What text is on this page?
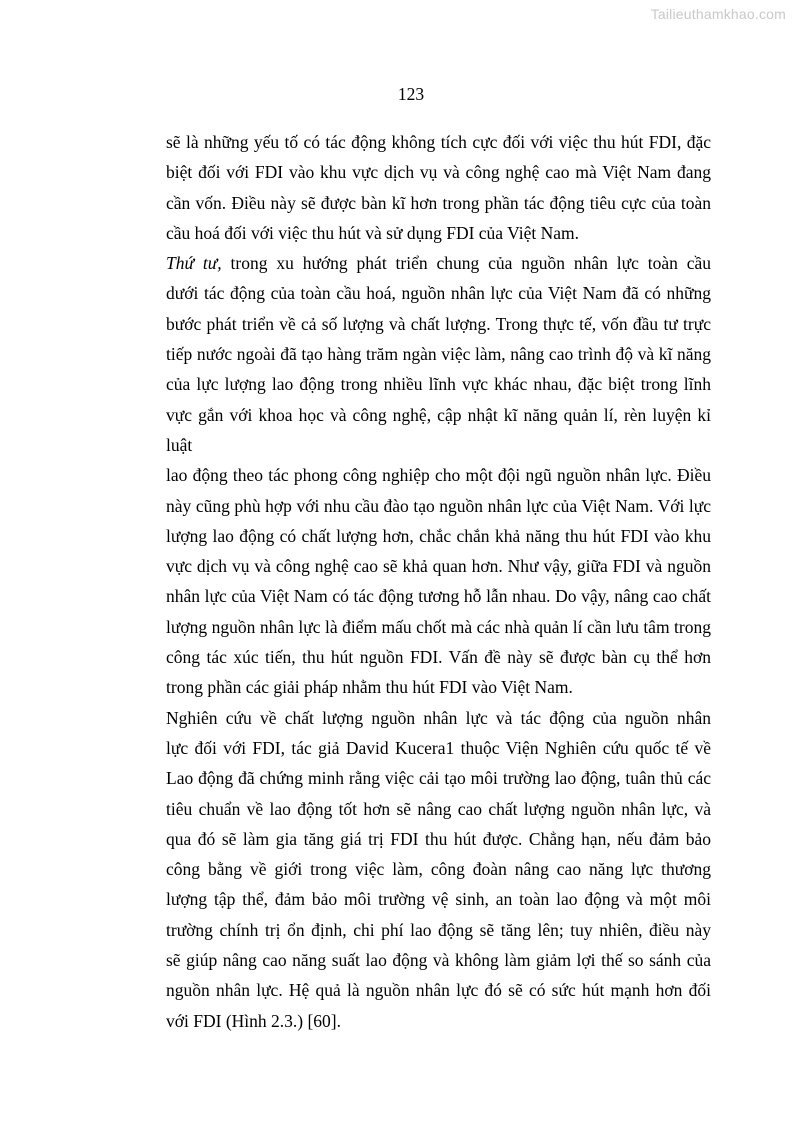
Tailieuthamkhao.com
123
sẽ là những yếu tố có tác động không tích cực đối với việc thu hút FDI, đặc
biệt đối với FDI vào khu vực dịch vụ và công nghệ cao mà Việt Nam đang
cần vốn. Điều này sẽ được bàn kĩ hơn trong phần tác động tiêu cực của toàn
cầu hoá đối với việc thu hút và sử dụng FDI của Việt Nam.
Thứ tư, trong xu hướng phát triển chung của nguồn nhân lực toàn cầu
dưới tác động của toàn cầu hoá, nguồn nhân lực của Việt Nam đã có những
bước phát triển về cả số lượng và chất lượng. Trong thực tế, vốn đầu tư trực
tiếp nước ngoài đã tạo hàng trăm ngàn việc làm, nâng cao trình độ và kĩ năng
của lực lượng lao động trong nhiều lĩnh vực khác nhau, đặc biệt trong lĩnh
vực gắn với khoa học và công nghệ, cập nhật kĩ năng quản lí, rèn luyện kỉ luật
lao động theo tác phong công nghiệp cho một đội ngũ nguồn nhân lực. Điều
này cũng phù hợp với nhu cầu đào tạo nguồn nhân lực của Việt Nam. Với lực
lượng lao động có chất lượng hơn, chắc chắn khả năng thu hút FDI vào khu
vực dịch vụ và công nghệ cao sẽ khả quan hơn. Như vậy, giữa FDI và nguồn
nhân lực của Việt Nam có tác động tương hỗ lẫn nhau. Do vậy, nâng cao chất
lượng nguồn nhân lực là điểm mấu chốt mà các nhà quản lí cần lưu tâm trong
công tác xúc tiến, thu hút nguồn FDI. Vấn đề này sẽ được bàn cụ thể hơn
trong phần các giải pháp nhằm thu hút FDI vào Việt Nam.
Nghiên cứu về chất lượng nguồn nhân lực và tác động của nguồn nhân
lực đối với FDI, tác giả David Kucera1 thuộc Viện Nghiên cứu quốc tế về
Lao động đã chứng minh rằng việc cải tạo môi trường lao động, tuân thủ các
tiêu chuẩn về lao động tốt hơn sẽ nâng cao chất lượng nguồn nhân lực, và
qua đó sẽ làm gia tăng giá trị FDI thu hút được. Chẳng hạn, nếu đảm bảo
công bằng về giới trong việc làm, công đoàn nâng cao năng lực thương
lượng tập thể, đảm bảo môi trường vệ sinh, an toàn lao động và một môi
trường chính trị ổn định, chi phí lao động sẽ tăng lên; tuy nhiên, điều này
sẽ giúp nâng cao năng suất lao động và không làm giảm lợi thế so sánh của
nguồn nhân lực. Hệ quả là nguồn nhân lực đó sẽ có sức hút mạnh hơn đối
với FDI (Hình 2.3.) [60].
